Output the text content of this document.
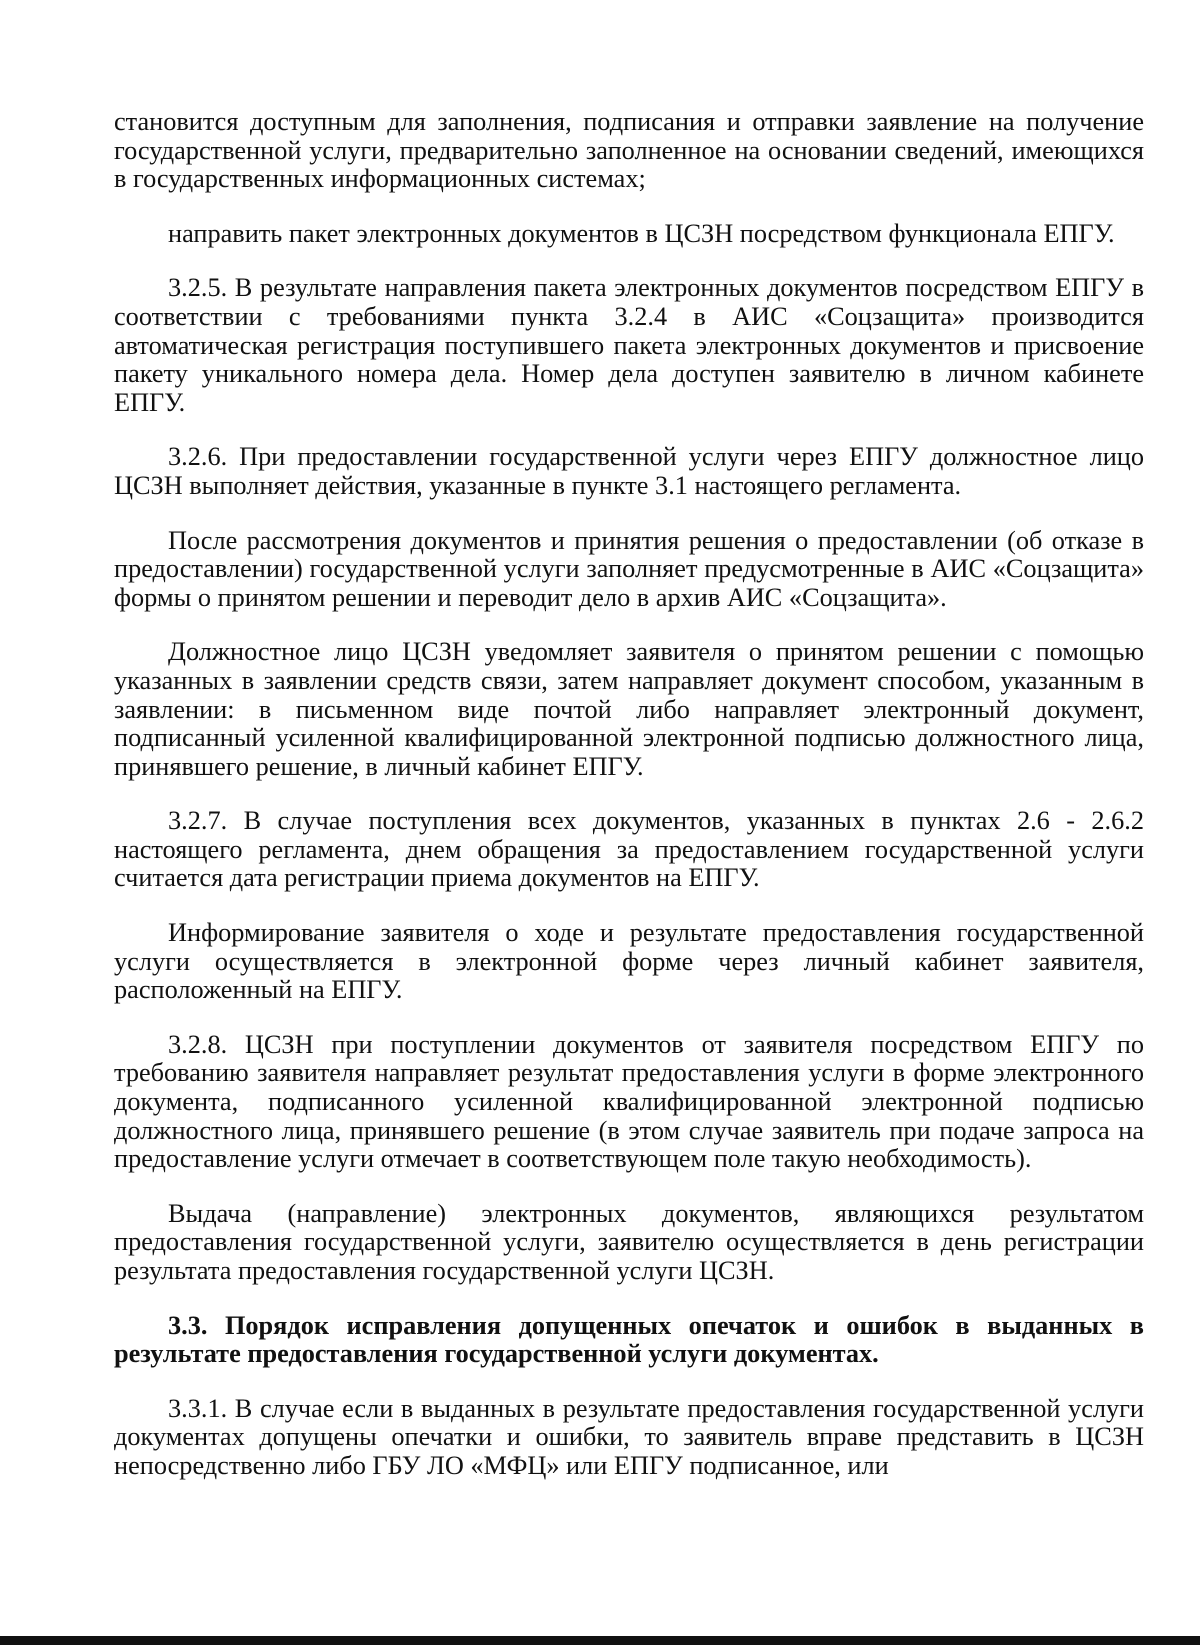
становится доступным для заполнения, подписания и отправки заявление на получение государственной услуги, предварительно заполненное на основании сведений, имеющихся в государственных информационных системах;

направить пакет электронных документов в ЦСЗН посредством функционала ЕПГУ.

3.2.5. В результате направления пакета электронных документов посредством ЕПГУ в соответствии с требованиями пункта 3.2.4 в АИС «Соцзащита» производится автоматическая регистрация поступившего пакета электронных документов и присвоение пакету уникального номера дела. Номер дела доступен заявителю в личном кабинете ЕПГУ.

3.2.6. При предоставлении государственной услуги через ЕПГУ должностное лицо ЦСЗН выполняет действия, указанные в пункте 3.1 настоящего регламента.

После рассмотрения документов и принятия решения о предоставлении (об отказе в предоставлении) государственной услуги заполняет предусмотренные в АИС «Соцзащита» формы о принятом решении и переводит дело в архив АИС «Соцзащита».

Должностное лицо ЦСЗН уведомляет заявителя о принятом решении с помощью указанных в заявлении средств связи, затем направляет документ способом, указанным в заявлении: в письменном виде почтой либо направляет электронный документ, подписанный усиленной квалифицированной электронной подписью должностного лица, принявшего решение, в личный кабинет ЕПГУ.

3.2.7. В случае поступления всех документов, указанных в пунктах 2.6 - 2.6.2 настоящего регламента, днем обращения за предоставлением государственной услуги считается дата регистрации приема документов на ЕПГУ.

Информирование заявителя о ходе и результате предоставления государственной услуги осуществляется в электронной форме через личный кабинет заявителя, расположенный на ЕПГУ.

3.2.8. ЦСЗН при поступлении документов от заявителя посредством ЕПГУ по требованию заявителя направляет результат предоставления услуги в форме электронного документа, подписанного усиленной квалифицированной электронной подписью должностного лица, принявшего решение (в этом случае заявитель при подаче запроса на предоставление услуги отмечает в соответствующем поле такую необходимость).

Выдача (направление) электронных документов, являющихся результатом предоставления государственной услуги, заявителю осуществляется в день регистрации результата предоставления государственной услуги ЦСЗН.

3.3. Порядок исправления допущенных опечаток и ошибок в выданных в результате предоставления государственной услуги документах.

3.3.1. В случае если в выданных в результате предоставления государственной услуги документах допущены опечатки и ошибки, то заявитель вправе представить в ЦСЗН непосредственно либо ГБУ ЛО «МФЦ» или ЕПГУ подписанное, или
